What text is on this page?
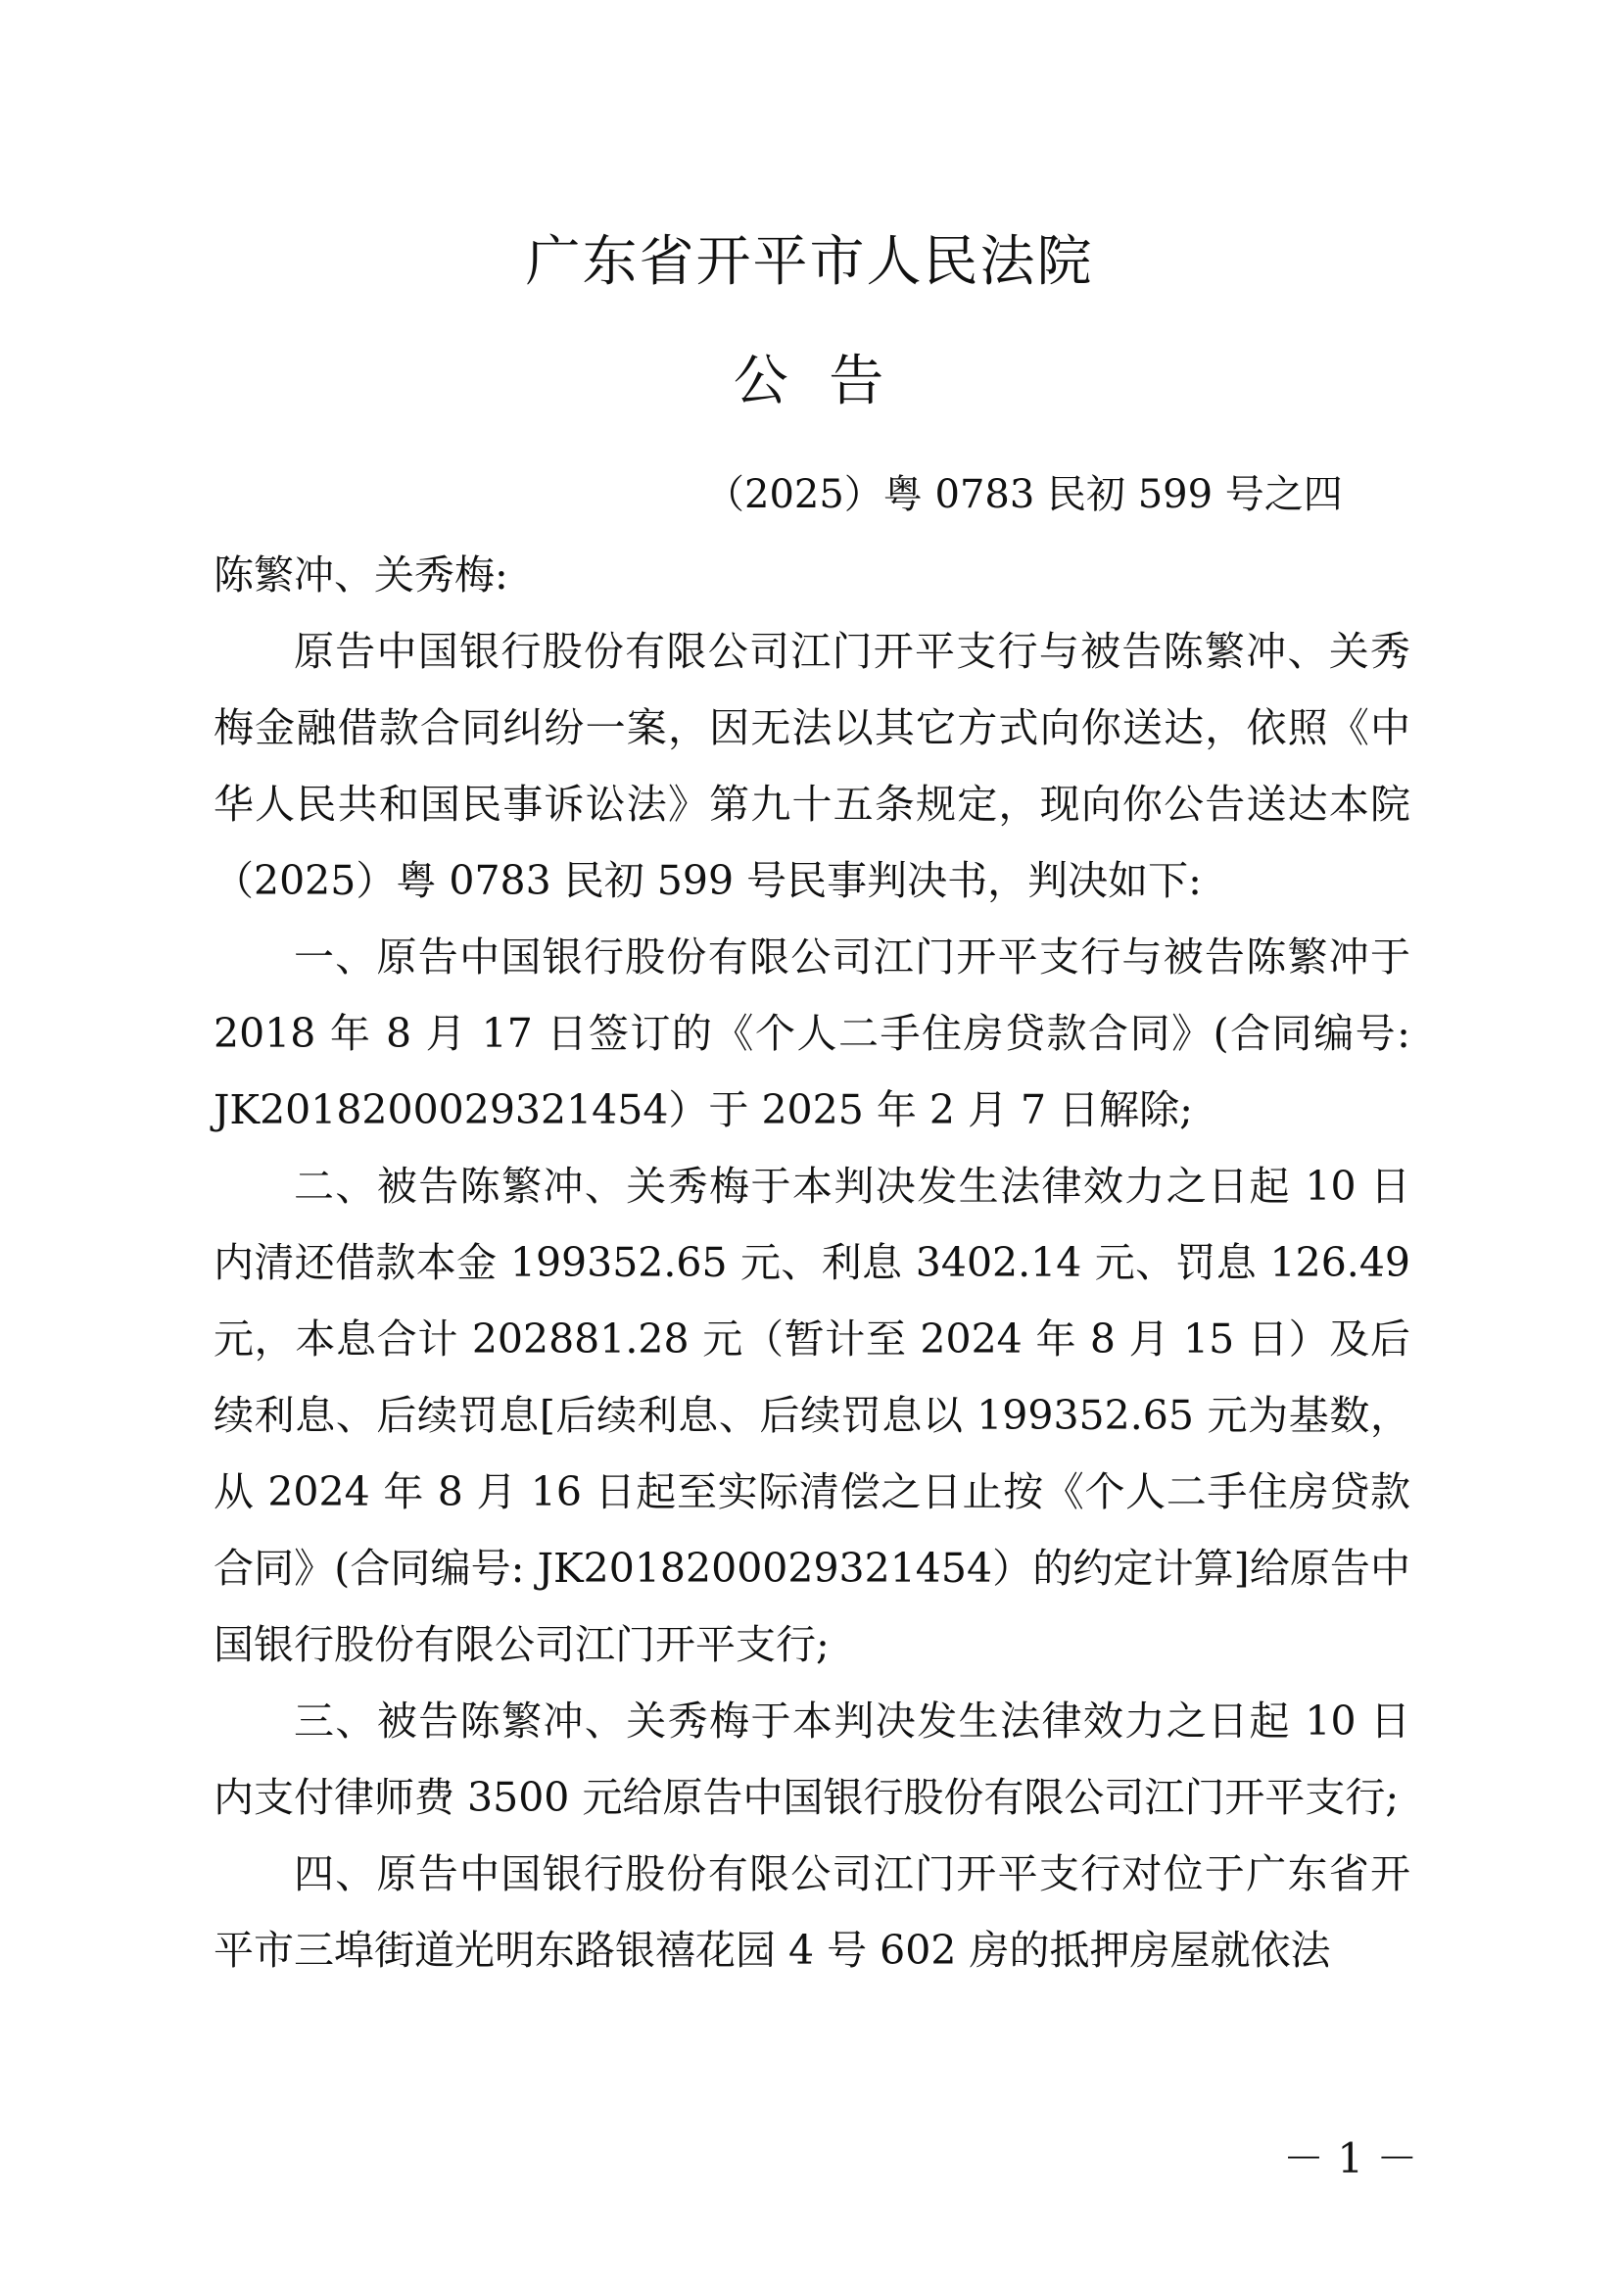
广东省开平市人民法院
公  告
（2025）粤 0783 民初 599 号之四

陈繁冲、关秀梅:

原告中国银行股份有限公司江门开平支行与被告陈繁冲、关秀梅金融借款合同纠纷一案，因无法以其它方式向你送达，依照《中华人民共和国民事诉讼法》第九十五条规定，现向你公告送达本院（2025）粤 0783 民初 599 号民事判决书，判决如下:

一、原告中国银行股份有限公司江门开平支行与被告陈繁冲于 2018 年 8 月 17 日签订的《个人二手住房贷款合同》(合同编号: JK2018200029321454）于 2025 年 2 月 7 日解除;

二、被告陈繁冲、关秀梅于本判决发生法律效力之日起 10 日内清还借款本金 199352.65 元、利息 3402.14 元、罚息 126.49 元，本息合计 202881.28 元（暂计至 2024 年 8 月 15 日）及后续利息、后续罚息[后续利息、后续罚息以 199352.65 元为基数，从 2024 年 8 月 16 日起至实际清偿之日止按《个人二手住房贷款合同》(合同编号: JK2018200029321454）的约定计算]给原告中国银行股份有限公司江门开平支行;

三、被告陈繁冲、关秀梅于本判决发生法律效力之日起 10 日内支付律师费 3500 元给原告中国银行股份有限公司江门开平支行;

四、原告中国银行股份有限公司江门开平支行对位于广东省开平市三埠街道光明东路银禧花园 4 号 602 房的抵押房屋就依法

－ 1 －
